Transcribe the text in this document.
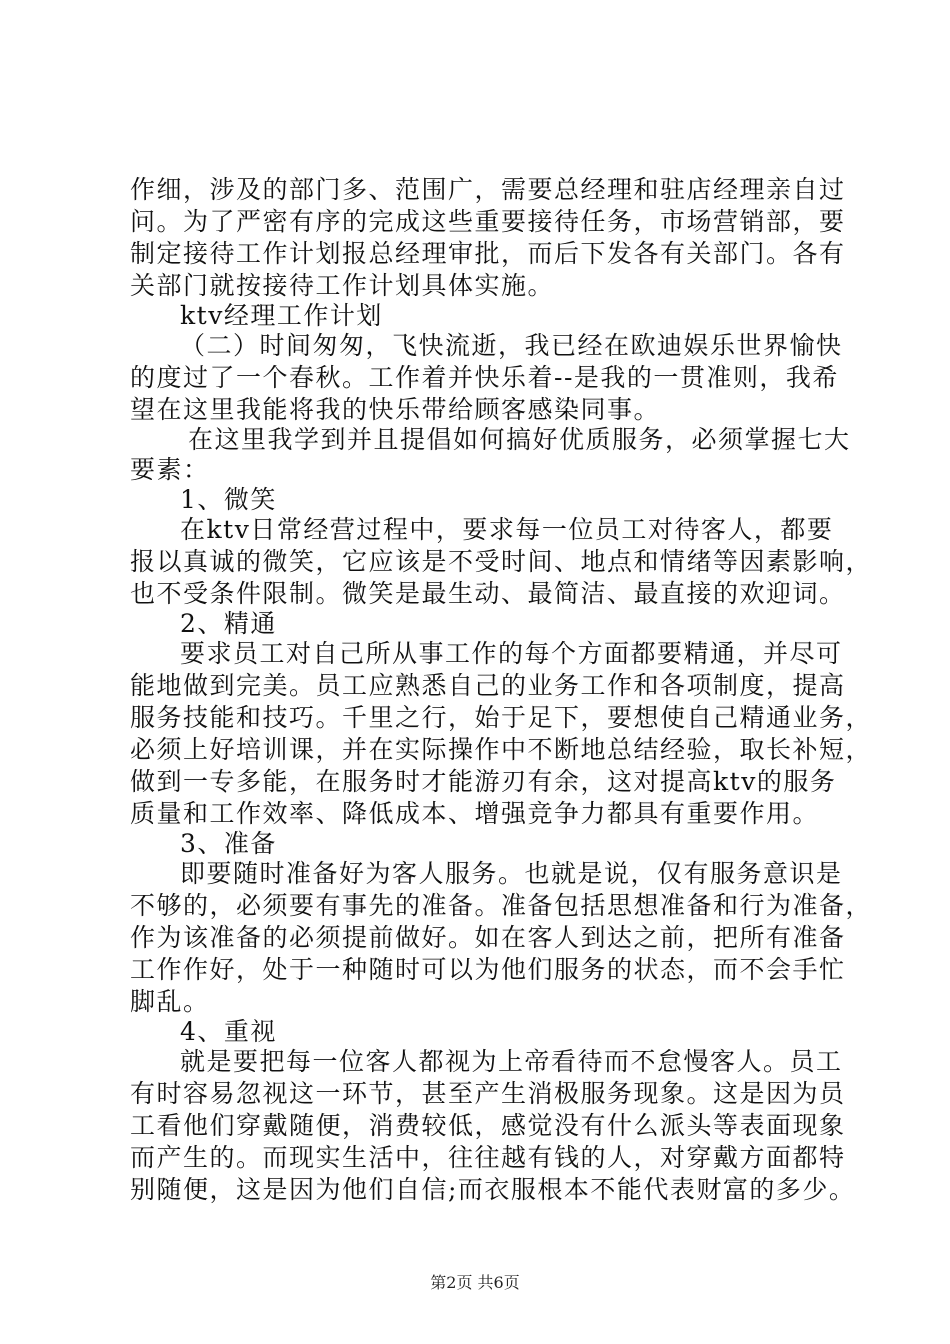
作细，涉及的部门多、范围广，需要总经理和驻店经理亲自过
问。为了严密有序的完成这些重要接待任务，市场营销部，要
制定接待工作计划报总经理审批，而后下发各有关部门。各有
关部门就按接待工作计划具体实施。
ktv经理工作计划
（二）时间匆匆，飞快流逝，我已经在欧迪娱乐世界愉快
的度过了一个春秋。工作着并快乐着--是我的一贯准则，我希
望在这里我能将我的快乐带给顾客感染同事。
在这里我学到并且提倡如何搞好优质服务，必须掌握七大
要素：
1、微笑
在ktv日常经营过程中，要求每一位员工对待客人，都要
报以真诚的微笑，它应该是不受时间、地点和情绪等因素影响，
也不受条件限制。微笑是最生动、最简洁、最直接的欢迎词。
2、精通
要求员工对自己所从事工作的每个方面都要精通，并尽可
能地做到完美。员工应熟悉自己的业务工作和各项制度，提高
服务技能和技巧。千里之行，始于足下，要想使自己精通业务，
必须上好培训课，并在实际操作中不断地总结经验，取长补短，
做到一专多能，在服务时才能游刃有余，这对提高ktv的服务
质量和工作效率、降低成本、增强竞争力都具有重要作用。
3、准备
即要随时准备好为客人服务。也就是说，仅有服务意识是
不够的，必须要有事先的准备。准备包括思想准备和行为准备，
作为该准备的必须提前做好。如在客人到达之前，把所有准备
工作作好，处于一种随时可以为他们服务的状态，而不会手忙
脚乱。
4、重视
就是要把每一位客人都视为上帝看待而不怠慢客人。员工
有时容易忽视这一环节，甚至产生消极服务现象。这是因为员
工看他们穿戴随便，消费较低，感觉没有什么派头等表面现象
而产生的。而现实生活中，往往越有钱的人，对穿戴方面都特
别随便，这是因为他们自信;而衣服根本不能代表财富的多少。
第2页 共6页
